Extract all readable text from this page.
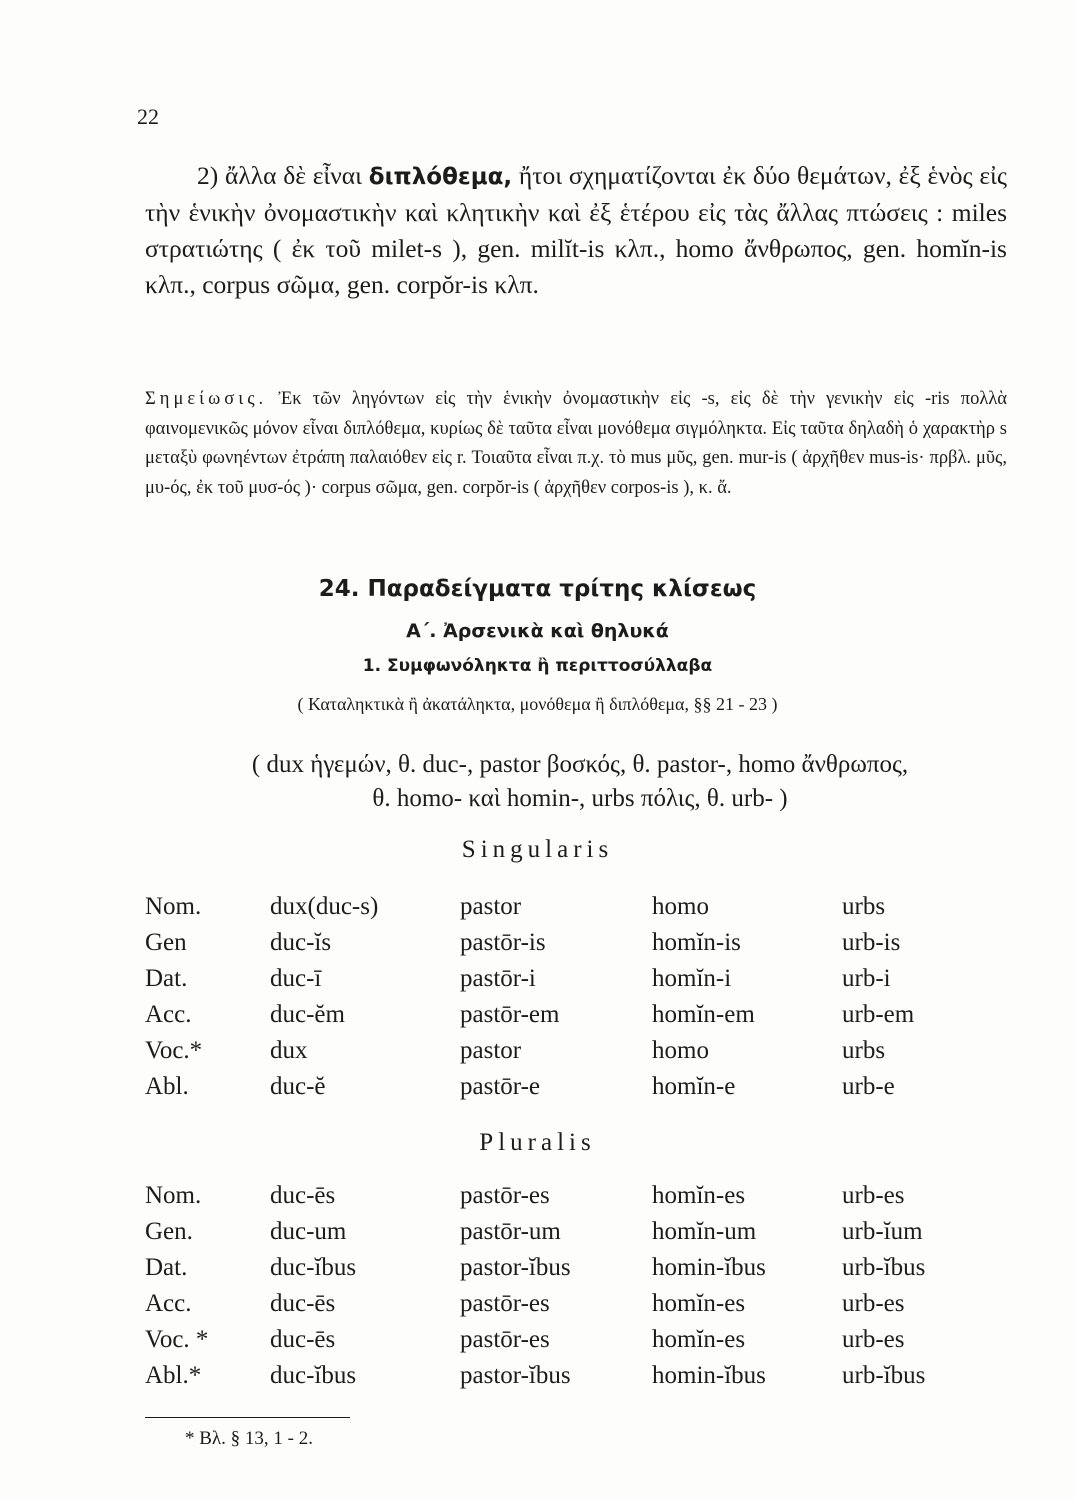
22

2) ἄλλα δὲ εἶναι διπλόθεμα, ἤτοι σχηματίζονται ἐκ δύο θεμάτων, ἐξ ἑνὸς εἰς τὴν ἑνικὴν ὀνομαστικὴν καὶ κλητικὴν καὶ ἐξ ἑτέρου εἰς τὰς ἄλλας πτώσεις : miles στρατιώτης ( ἐκ τοῦ milet-s ), gen. milĭt-is κλπ., homo ἄνθρωπος, gen. homĭn-is κλπ., corpus σῶμα, gen. corpŏr-is κλπ.

Σημείωσις. Ἐκ τῶν ληγόντων εἰς τὴν ἑνικὴν ὀνομαστικὴν εἰς -s, εἰς δὲ τὴν γενικὴν εἰς -ris πολλὰ φαινομενικῶς μόνον εἶναι διπλόθεμα, κυρίως δὲ ταῦτα εἶναι μονόθεμα σιγμόληκτα. Εἰς ταῦτα δηλαδὴ ὁ χαρακτὴρ s μεταξὺ φωνηέντων ἐτράπη παλαιόθεν εἰς r. Τοιαῦτα εἶναι π.χ. τὸ mus μῦς, gen. mur-is ( ἀρχῆθεν mus-is· πρβλ. μῦς, μυ-ός, ἐκ τοῦ μυσ-ός )· corpus σῶμα, gen. corpŏr-is ( ἀρχῆθεν corpos-is ), κ. ἄ.

24. Παραδείγματα τρίτης κλίσεως
Α΄. Ἀρσενικὰ καὶ θηλυκά
1. Συμφωνόληκτα ἢ περιττοσύλλαβα

( Καταληκτικὰ ἢ ἀκατάληκτα, μονόθεμα ἢ διπλόθεμα, §§ 21 - 23 )

( dux ἡγεμών, θ. duc-, pastor βοσκός, θ. pastor-, homo ἄνθρωπος,
θ. homo- καὶ homin-, urbs πόλις, θ. urb- )

Singularis
Nom.	dux(duc-s)	pastor	homo	urbs
Gen	duc-ĭs	pastōr-is	homĭn-is	urb-is
Dat.	duc-ī	pastōr-i	homĭn-i	urb-i
Acc.	duc-ĕm	pastōr-em	homĭn-em	urb-em
Voc.*	dux	pastor	homo	urbs
Abl.	duc-ĕ	pastōr-e	homĭn-e	urb-e
Pluralis
Nom.	duc-ēs	pastōr-es	homĭn-es	urb-es
Gen.	duc-um	pastōr-um	homĭn-um	urb-ĭum
Dat.	duc-ĭbus	pastor-ĭbus	homin-ĭbus	urb-ĭbus
Acc.	duc-ēs	pastōr-es	homĭn-es	urb-es
Voc. * duc-ēs	pastōr-es	homĭn-es	urb-es
Abl.*	duc-ĭbus	pastor-ĭbus	homin-ĭbus	urb-ĭbus
* Βλ. § 13, 1 - 2.
